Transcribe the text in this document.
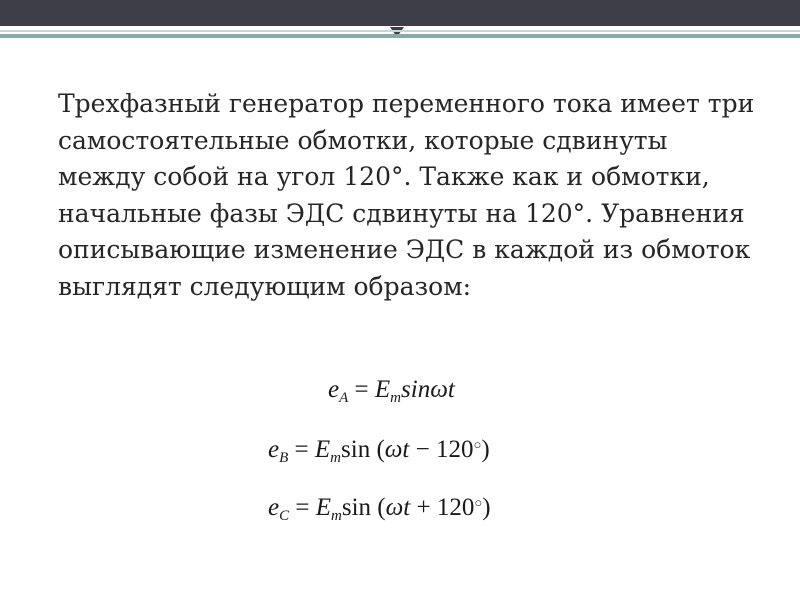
Трехфазный генератор переменного тока имеет три самостоятельные обмотки, которые сдвинуты между собой на угол 120°. Также как и обмотки, начальные фазы ЭДС сдвинуты на 120°. Уравнения описывающие изменение ЭДС в каждой из обмоток выглядят следующим образом:

$e_A = E_m\sin\omega t$
$e_B = E_m\sin$ (ωt − 120○)
$e_C = E_m\sin$ (ωt + 120○)
